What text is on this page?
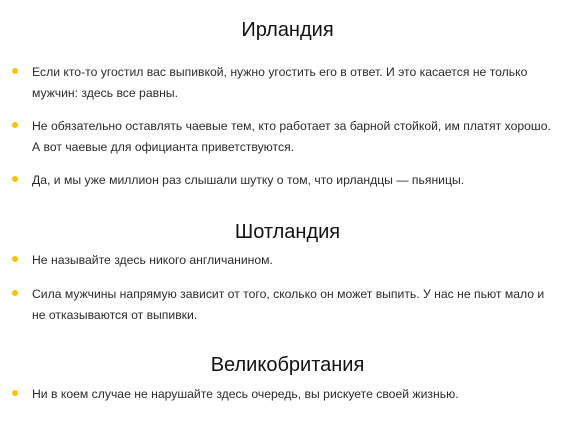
Ирландия
Если кто-то угостил вас выпивкой, нужно угостить его в ответ. И это касается не только мужчин: здесь все равны.
Не обязательно оставлять чаевые тем, кто работает за барной стойкой, им платят хорошо. А вот чаевые для официанта приветствуются.
Да, и мы уже миллион раз слышали шутку о том, что ирландцы — пьяницы.
Шотландия
Не называйте здесь никого англичанином.
Сила мужчины напрямую зависит от того, сколько он может выпить. У нас не пьют мало и не отказываются от выпивки.
Великобритания
Ни в коем случае не нарушайте здесь очередь, вы рискуете своей жизнью.
